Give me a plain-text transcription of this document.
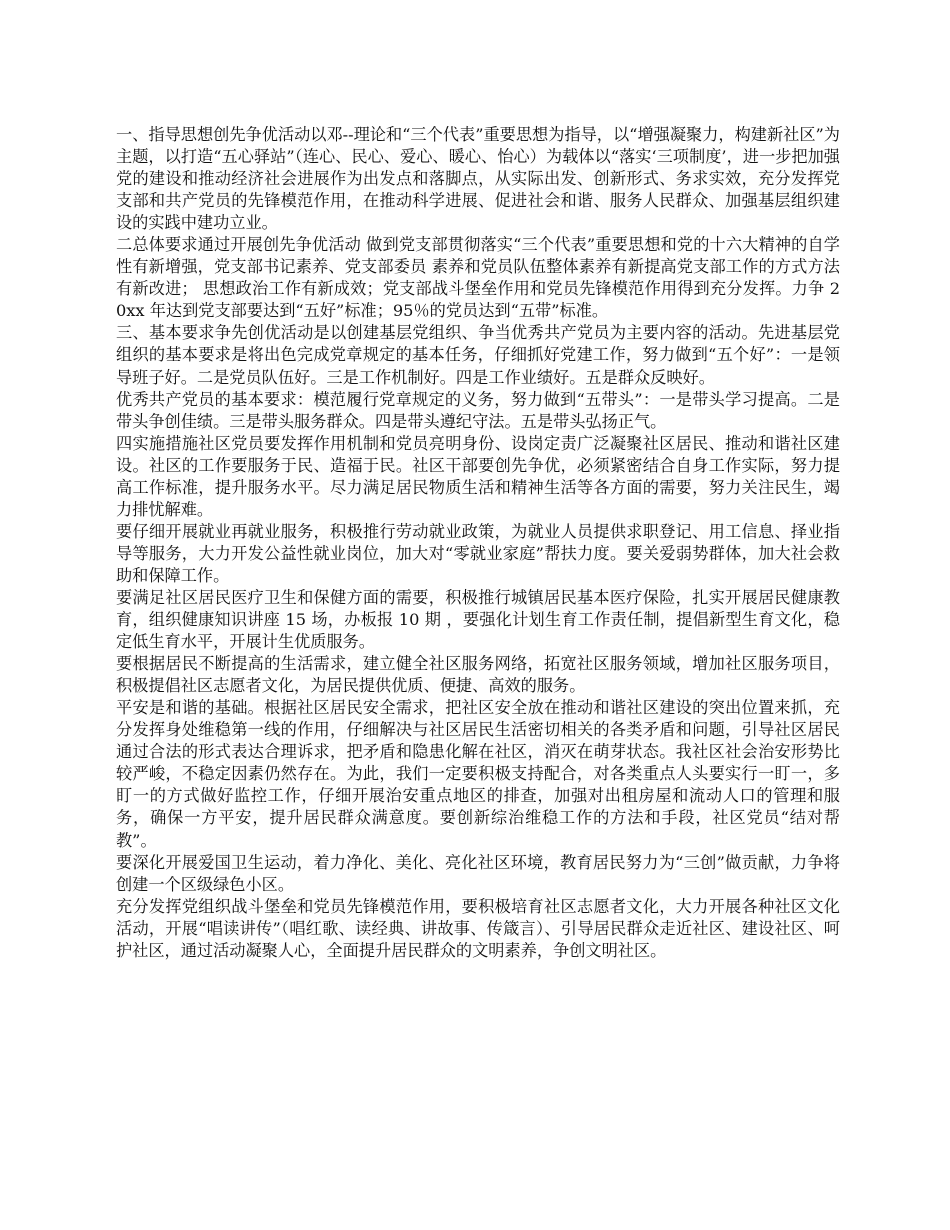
一、指导思想创先争优活动以邓--理论和“三个代表”重要思想为指导，以“增强凝聚力，构建新社区”为主题，以打造“五心驿站”（连心、民心、爱心、暖心、怡心）为载体以“落实‘三项制度’，进一步把加强党的建设和推动经济社会进展作为出发点和落脚点，从实际出发、创新形式、务求实效，充分发挥党支部和共产党员的先锋模范作用，在推动科学进展、促进社会和谐、服务人民群众、加强基层组织建设的实践中建功立业。

二总体要求通过开展创先争优活动 做到党支部贯彻落实“三个代表”重要思想和党的十六大精神的自学性有新增强，党支部书记素养、党支部委员 素养和党员队伍整体素养有新提高党支部工作的方式方法有新改进； 思想政治工作有新成效；党支部战斗堡垒作用和党员先锋模范作用得到充分发挥。力争 20xx 年达到党支部要达到“五好”标准；95％的党员达到“五带”标准。

三、基本要求争先创优活动是以创建基层党组织、争当优秀共产党员为主要内容的活动。先进基层党组织的基本要求是将出色完成党章规定的基本任务，仔细抓好党建工作，努力做到“五个好”：一是领导班子好。二是党员队伍好。三是工作机制好。四是工作业绩好。五是群众反映好。

优秀共产党员的基本要求：模范履行党章规定的义务，努力做到“五带头”：一是带头学习提高。二是带头争创佳绩。三是带头服务群众。四是带头遵纪守法。五是带头弘扬正气。

四实施措施社区党员要发挥作用机制和党员亮明身份、设岗定责广泛凝聚社区居民、推动和谐社区建设。社区的工作要服务于民、造福于民。社区干部要创先争优，必须紧密结合自身工作实际，努力提高工作标准，提升服务水平。尽力满足居民物质生活和精神生活等各方面的需要，努力关注民生，竭力排忧解难。

要仔细开展就业再就业服务，积极推行劳动就业政策，为就业人员提供求职登记、用工信息、择业指导等服务，大力开发公益性就业岗位，加大对“零就业家庭”帮扶力度。要关爱弱势群体，加大社会救助和保障工作。

要满足社区居民医疗卫生和保健方面的需要，积极推行城镇居民基本医疗保险，扎实开展居民健康教育，组织健康知识讲座 15 场，办板报 10 期 ，要强化计划生育工作责任制，提倡新型生育文化，稳定低生育水平，开展计生优质服务。

要根据居民不断提高的生活需求，建立健全社区服务网络，拓宽社区服务领域，增加社区服务项目，积极提倡社区志愿者文化，为居民提供优质、便捷、高效的服务。

平安是和谐的基础。根据社区居民安全需求，把社区安全放在推动和谐社区建设的突出位置来抓，充分发挥身处维稳第一线的作用，仔细解决与社区居民生活密切相关的各类矛盾和问题，引导社区居民通过合法的形式表达合理诉求，把矛盾和隐患化解在社区，消灭在萌芽状态。我社区社会治安形势比较严峻，不稳定因素仍然存在。为此，我们一定要积极支持配合，对各类重点人头要实行一盯一，多盯一的方式做好监控工作，仔细开展治安重点地区的排查，加强对出租房屋和流动人口的管理和服务，确保一方平安，提升居民群众满意度。要创新综治维稳工作的方法和手段，社区党员“结对帮教”。

要深化开展爱国卫生运动，着力净化、美化、亮化社区环境，教育居民努力为“三创”做贡献，力争将创建一个区级绿色小区。

充分发挥党组织战斗堡垒和党员先锋模范作用，要积极培育社区志愿者文化，大力开展各种社区文化活动，开展“唱读讲传”（唱红歌、读经典、讲故事、传箴言）、引导居民群众走近社区、建设社区、呵护社区，通过活动凝聚人心，全面提升居民群众的文明素养，争创文明社区。
